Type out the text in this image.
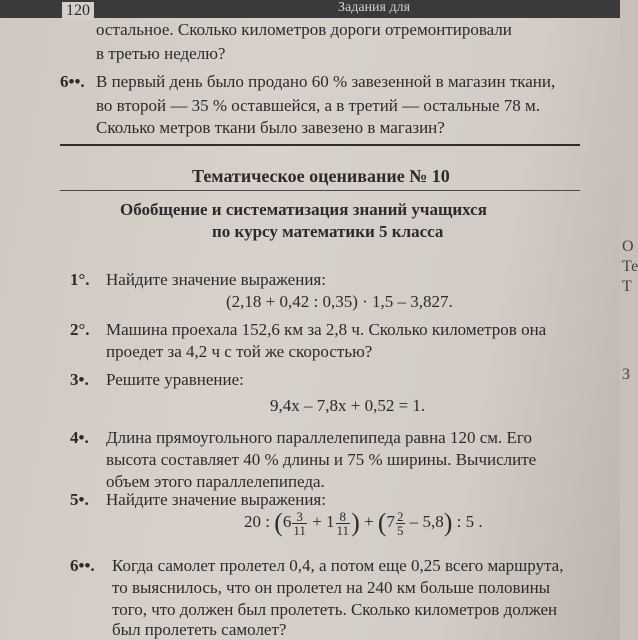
120	Задания для
остальное. Сколько километров дороги отремонтировали
в третью неделю?
6••. В первый день было продано 60 % завезенной в магазин ткани,
во второй — 35 % оставшейся, а в третий — остальные 78 м.
Сколько метров ткани было завезено в магазин?
Тематическое оценивание № 10
Обобщение и систематизация знаний учащихся
по курсу математики 5 класса
1°. Найдите значение выражения:
(2,18 + 0,42 : 0,35) · 1,5 – 3,827.
2°. Машина проехала 152,6 км за 2,8 ч. Сколько километров она
проедет за 4,2 ч с той же скоростью?
3•. Решите уравнение:
9,4x – 7,8x + 0,52 = 1.
4•. Длина прямоугольного параллелепипеда равна 120 см. Его
высота составляет 40 % длины и 75 % ширины. Вычислите
объем этого параллелепипеда.
5•. Найдите значение выражения:
20 : ($6 \frac{3}{11} + 1 \frac{8}{11}$ ) + $(7 \frac{2}{5} - 5,8)$ : 5 .
6••. Когда самолет пролетел 0,4, а потом еще 0,25 всего маршрута,
то выяснилось, что он пролетел на 240 км больше половины
того, что должен был пролететь. Сколько километров должен
был пролететь самолет?
О
Те
Т
3
